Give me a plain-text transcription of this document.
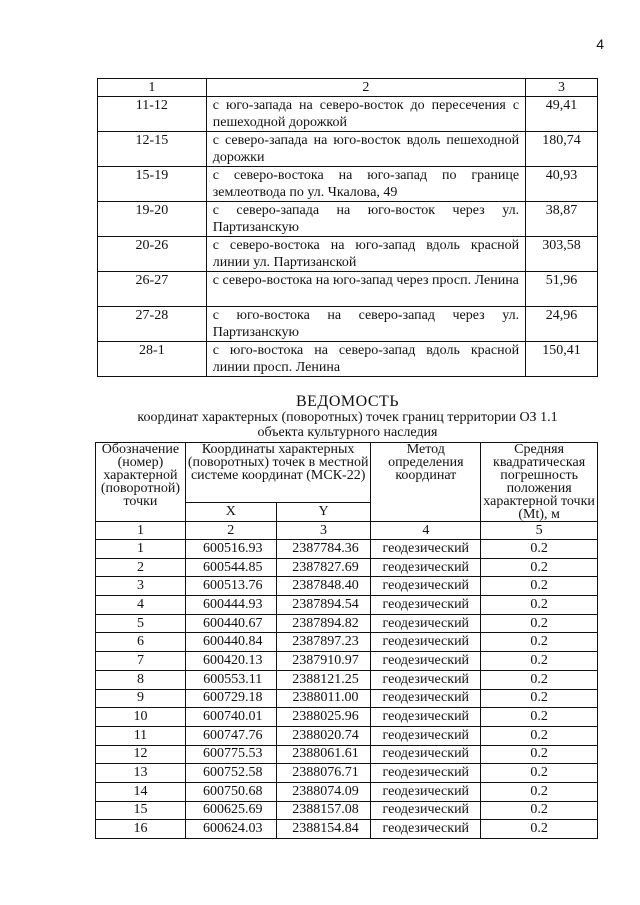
4
1	2	3
11-12	с юго-запада на северо-восток до пересечения с пешеходной дорожкой	49,41
12-15	с северо-запада на юго-восток вдоль пешеходной дорожки	180,74
15-19	с северо-востока на юго-запад по границе землеотвода по ул. Чкалова, 49	40,93
19-20	с северо-запада на юго-восток через ул. Партизанскую	38,87
20-26	с северо-востока на юго-запад вдоль красной линии ул. Партизанской	303,58
26-27	с северо-востока на юго-запад через просп. Ленина	51,96
27-28	с юго-востока на северо-запад через ул. Партизанскую	24,96
28-1	с юго-востока на северо-запад вдоль красной линии просп. Ленина	150,41
ВЕДОМОСТЬ
координат характерных (поворотных) точек границ территории ОЗ 1.1
объекта культурного наследия
Обозначение (номер) характерной (поворотной) точки	Координаты характерных (поворотных) точек в местной системе координат (МСК-22)		Метод определения координат	Средняя квадратическая погрешность положения характерной точки (Mt), м
	X	Y		
1	2	3	4	5
1	600516.93	2387784.36	геодезический	0.2
2	600544.85	2387827.69	геодезический	0.2
3	600513.76	2387848.40	геодезический	0.2
4	600444.93	2387894.54	геодезический	0.2
5	600440.67	2387894.82	геодезический	0.2
6	600440.84	2387897.23	геодезический	0.2
7	600420.13	2387910.97	геодезический	0.2
8	600553.11	2388121.25	геодезический	0.2
9	600729.18	2388011.00	геодезический	0.2
10	600740.01	2388025.96	геодезический	0.2
11	600747.76	2388020.74	геодезический	0.2
12	600775.53	2388061.61	геодезический	0.2
13	600752.58	2388076.71	геодезический	0.2
14	600750.68	2388074.09	геодезический	0.2
15	600625.69	2388157.08	геодезический	0.2
16	600624.03	2388154.84	геодезический	0.2
